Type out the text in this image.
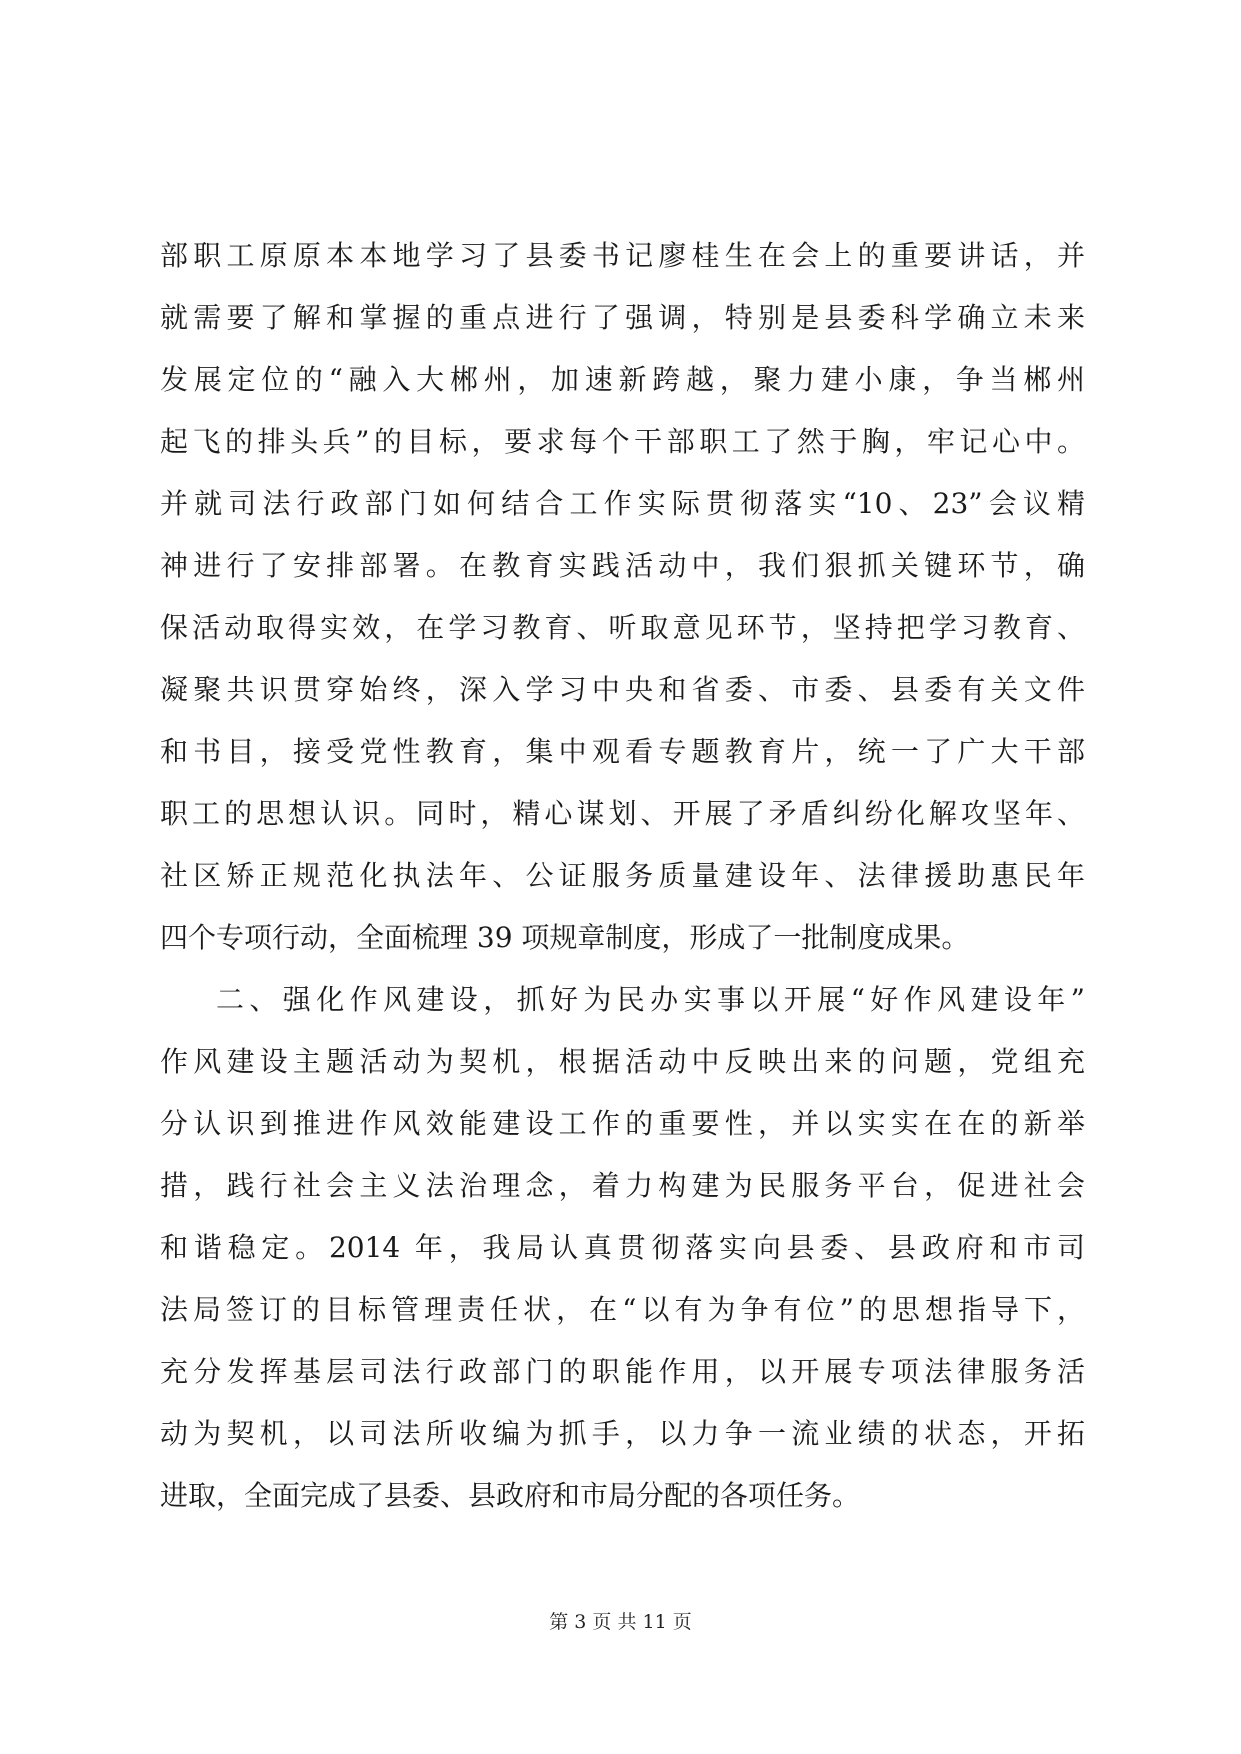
部职工原原本本地学习了县委书记廖桂生在会上的重要讲话，并
就需要了解和掌握的重点进行了强调，特别是县委科学确立未来
发展定位的“融入大郴州，加速新跨越，聚力建小康，争当郴州
起飞的排头兵”的目标，要求每个干部职工了然于胸，牢记心中。
并就司法行政部门如何结合工作实际贯彻落实“10、23”会议精
神进行了安排部署。在教育实践活动中，我们狠抓关键环节，确
保活动取得实效，在学习教育、听取意见环节，坚持把学习教育、
凝聚共识贯穿始终，深入学习中央和省委、市委、县委有关文件
和书目，接受党性教育，集中观看专题教育片，统一了广大干部
职工的思想认识。同时，精心谋划、开展了矛盾纠纷化解攻坚年、
社区矫正规范化执法年、公证服务质量建设年、法律援助惠民年
四个专项行动，全面梳理 39 项规章制度，形成了一批制度成果。
二、强化作风建设，抓好为民办实事以开展“好作风建设年”
作风建设主题活动为契机，根据活动中反映出来的问题，党组充
分认识到推进作风效能建设工作的重要性，并以实实在在的新举
措，践行社会主义法治理念，着力构建为民服务平台，促进社会
和谐稳定。2014 年，我局认真贯彻落实向县委、县政府和市司
法局签订的目标管理责任状，在“以有为争有位”的思想指导下，
充分发挥基层司法行政部门的职能作用，以开展专项法律服务活
动为契机，以司法所收编为抓手，以力争一流业绩的状态，开拓
进取，全面完成了县委、县政府和市局分配的各项任务。
第 3 页 共 11 页
